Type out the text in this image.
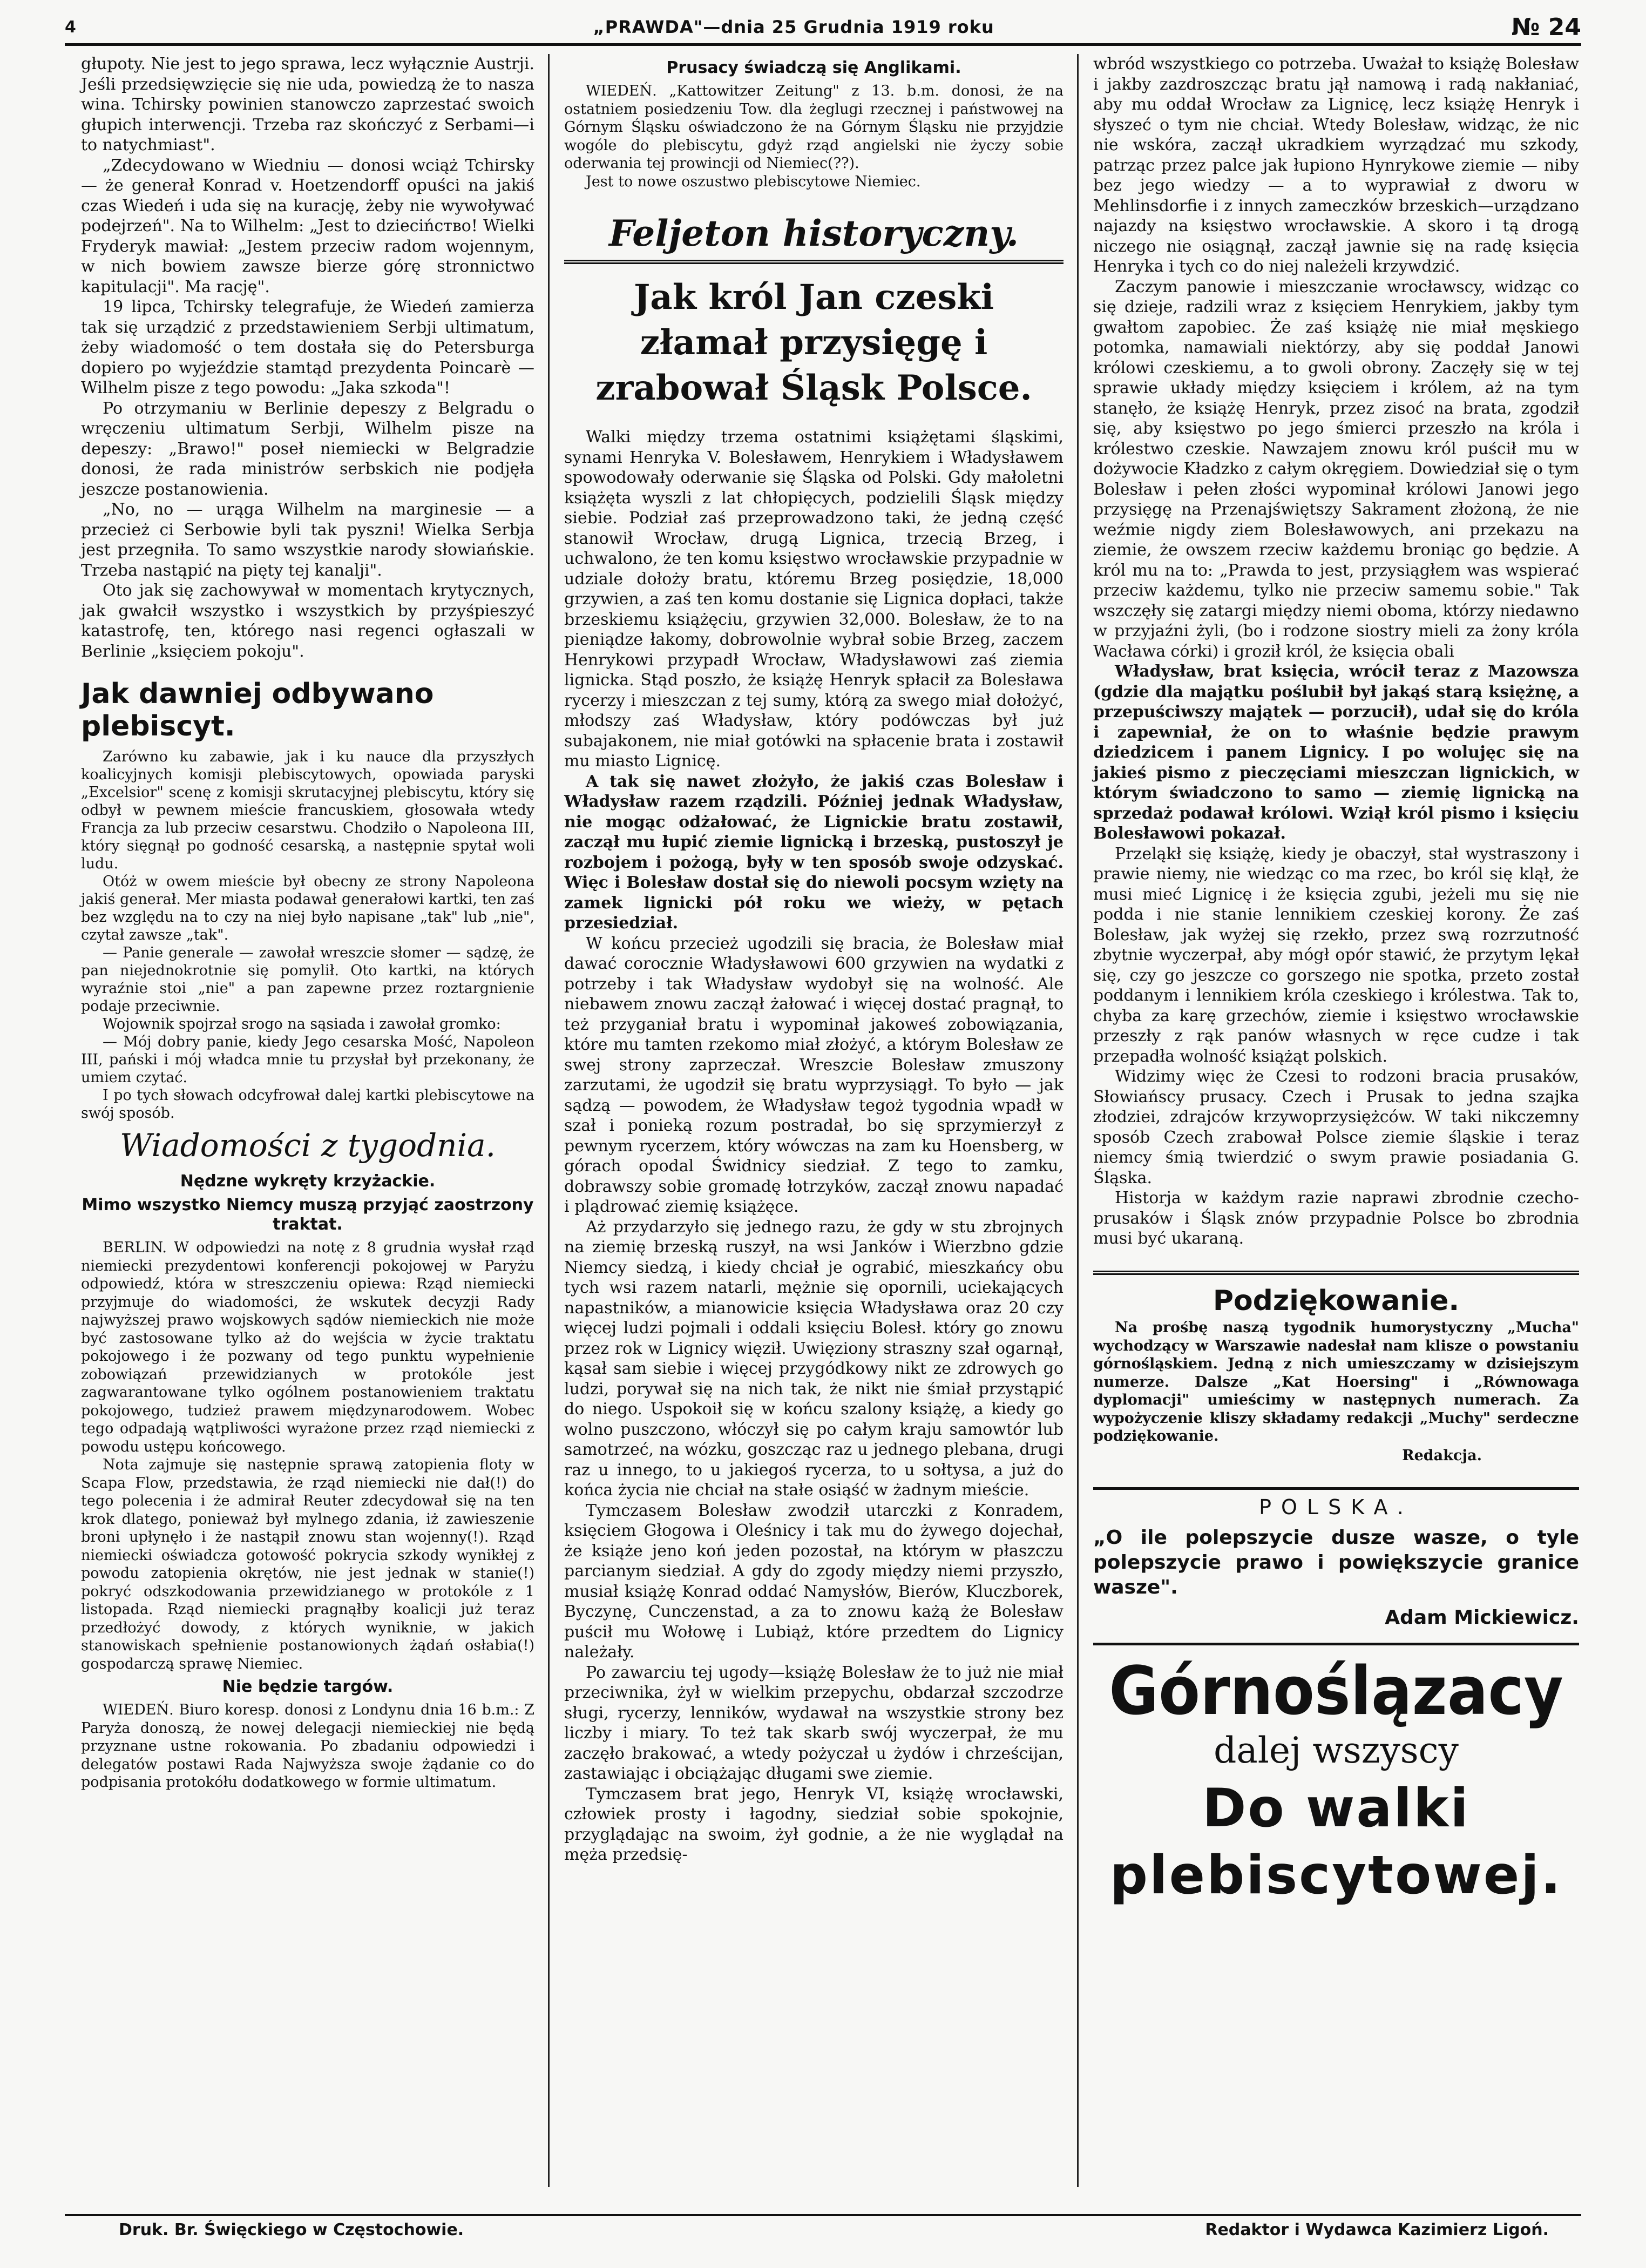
4	„PRAWDA"—dnia 25 Grudnia 1919 roku	№ 24

głupoty. Nie jest to jego sprawa, lecz wyłącznie Austrji. Jeśli przedsięwzięcie się nie uda, powiedzą że to nasza wina. Tchirsky powinien stanowczo zaprzestać swoich głupich interwencji. Trzeba raz skończyć z Serbami—i to natychmiast".

„Zdecydowano w Wiedniu — donosi wciąż Tchirsky — że generał Konrad v. Hoetzendorff opuści na jakiś czas Wiedeń i uda się na kurację, żeby nie wywoływać podejrzeń". Na to Wilhelm: „Jest to dziecińство! Wielki Fryderyk mawiał: „Jestem przeciw radom wojennym, w nich bowiem zawsze bierze górę stronnictwo kapitulacji". Ma rację".

19 lipca, Tchirsky telegrafuje, że Wiedeń zamierza tak się urządzić z przedstawieniem Serbji ultimatum, żeby wiadomość o tem dostała się do Petersburga dopiero po wyjeździe stamtąd prezydenta Poincarè — Wilhelm pisze z tego powodu: „Jaka szkoda"!

Po otrzymaniu w Berlinie depeszy z Belgradu o wręczeniu ultimatum Serbji, Wilhelm pisze na depeszy: „Brawo!" poseł niemiecki w Belgradzie donosi, że rada ministrów serbskich nie podjęła jeszcze postanowienia.

„No, no — urąga Wilhelm na marginesie — a przecież ci Serbowie byli tak pyszni! Wielka Serbja jest przegniła. To samo wszystkie narody słowiańskie. Trzeba nastąpić na pięty tej kanalji".

Oto jak się zachowywał w momentach krytycznych, jak gwałcił wszystko i wszystkich by przyśpieszyć katastrofę, ten, którego nasi regenci ogłaszali w Berlinie „księciem pokoju".

Jak dawniej odbywano plebiscyt.

Zarówno ku zabawie, jak i ku nauce dla przyszłych koalicyjnych komisji plebiscytowych, opowiada paryski „Excelsior" scenę z komisji skrutacyjnej plebiscytu, który się odbył w pewnem mieście francuskiem, głosowała wtedy Francja za lub przeciw cesarstwu. Chodziło o Napoleona III, który sięgnął po godność cesarską, a następnie spytał woli ludu.

Otóż w owem mieście był obecny ze strony Napoleona jakiś generał. Mer miasta podawał generałowi kartki, ten zaś bez względu na to czy na niej było napisane „tak" lub „nie", czytał zawsze „tak".

— Panie generale — zawołał wreszcie słomer — sądzę, że pan niejednokrotnie się pomylił. Oto kartki, na których wyraźnie stoi „nie" a pan zapewne przez roztargnienie podaje przeciwnie.

Wojownik spojrzał srogo na sąsiada i zawołał gromko:

— Mój dobry panie, kiedy Jego cesarska Mość, Napoleon III, pański i mój władca mnie tu przysłał był przekonany, że umiem czytać.

I po tych słowach odcyfrował dalej kartki plebiscytowe na swój sposób.

Wiadomości z tygodnia.
Nędzne wykręty krzyżackie.
Mimo wszystko Niemcy muszą przyjąć zaostrzony traktat.

BERLIN. W odpowiedzi na notę z 8 grudnia wysłał rząd niemiecki prezydentowi konferencji pokojowej w Paryżu odpowiedź, która w streszczeniu opiewa: Rząd niemiecki przyjmuje do wiadomości, że wskutek decyzji Rady najwyższej prawo wojskowych sądów niemieckich nie może być zastosowane tylko aż do wejścia w życie traktatu pokojowego i że pozwany od tego punktu wypełnienie zobowiązań przewidzianych w protokóle jest zagwarantowane tylko ogólnem postanowieniem traktatu pokojowego, tudzież prawem międzynarodowem. Wobec tego odpadają wątpliwości wyrażone przez rząd niemiecki z powodu ustępu końcowego.

Nota zajmuje się następnie sprawą zatopienia floty w Scapa Flow, przedstawia, że rząd niemiecki nie dał(!) do tego polecenia i że admirał Reuter zdecydował się na ten krok dlatego, ponieważ był mylnego zdania, iż zawieszenie broni upłynęło i że nastąpił znowu stan wojenny(!). Rząd niemiecki oświadcza gotowość pokrycia szkody wynikłej z powodu zatopienia okrętów, nie jest jednak w stanie(!) pokryć odszkodowania przewidzianego w protokóle z 1 listopada. Rząd niemiecki pragnąłby koalicji już teraz przedłożyć dowody, z których wyniknie, w jakich stanowiskach spełnienie postanowionych żądań osłabia(!) gospodarczą sprawę Niemiec.

Nie będzie targów.

WIEDEŃ. Biuro koresp. donosi z Londynu dnia 16 b.m.: Z Paryża donoszą, że nowej delegacji niemieckiej nie będą przyznane ustne rokowania. Po zbadaniu odpowiedzi i delegatów postawi Rada Najwyższa swoje żądanie co do podpisania protokółu dodatkowego w formie ultimatum.

Prusacy świadczą się Anglikami.

WIEDEŃ. „Kattowitzer Zeitung" z 13. b.m. donosi, że na ostatniem posiedzeniu Tow. dla żeglugi rzecznej i państwowej na Górnym Śląsku oświadczono że na Górnym Śląsku nie przyjdzie wogóle do plebiscytu, gdyż rząd angielski nie życzy sobie oderwania tej prowincji od Niemiec(??).

Jest to nowe oszustwo plebiscytowe Niemiec.

Feljeton historyczny.
Jak król Jan czeski złamał przysięgę i zrabował Śląsk Polsce.

Walki między trzema ostatnimi książętami śląskimi, synami Henryka V. Bolesławem, Henrykiem i Władysławem spowodowały oderwanie się Śląska od Polski. Gdy małoletni książęta wyszli z lat chłopięcych, podzielili Śląsk między siebie. Podział zaś przeprowadzono taki, że jedną część stanowił Wrocław, drugą Lignica, trzecią Brzeg, i uchwalono, że ten komu księstwo wrocławskie przypadnie w udziale dołoży bratu, któremu Brzeg posiędzie, 18,000 grzywien, a zaś ten komu dostanie się Lignica dopłaci, także brzeskiemu książęciu, grzywien 32,000. Bolesław, że to na pieniądze łakomy, dobrowolnie wybrał sobie Brzeg, zaczem Henrykowi przypadł Wrocław, Władysławowi zaś ziemia lignicka. Stąd poszło, że książę Henryk spłacił za Bolesława rycerzy i mieszczan z tej sumy, którą za swego miał dołożyć, młodszy zaś Władysław, który podówczas był już subajakonem, nie miał gotówki na spłacenie brata i zostawił mu miasto Lignicę.

A tak się nawet złożyło, że jakiś czas Bolesław i Władysław razem rządzili. Później jednak Władysław, nie mogąc odżałować, że Lignickie bratu zostawił, zaczął mu łupić ziemie lignicką i brzeską, pustoszył je rozbojem i pożogą, były w ten sposób swoje odzyskać. Więc i Bolesław dostał się do niewoli pocsym wzięty na zamek lignicki pół roku we wieży, w pętach przesiedział.

W końcu przecież ugodzili się bracia, że Bolesław miał dawać corocznie Władysławowi 600 grzywien na wydatki z potrzeby i tak Władysław wydobył się na wolność. Ale niebawem znowu zaczął żałować i więcej dostać pragnął, to też przyganiał bratu i wypominał jakoweś zobowiązania, które mu tamten rzekomo miał złożyć, a którym Bolesław ze swej strony zaprzeczał. Wreszcie Bolesław zmuszony zarzutami, że ugodził się bratu wyprzysiągł. To było — jak sądzą — powodem, że Władysław tegoż tygodnia wpadł w szał i ponieką rozum postradał, bo się sprzymierzył z pewnym rycerzem, który wówczas na zam ku Hoensberg, w górach opodal Świdnicy siedział. Z tego to zamku, dobrawszy sobie gromadę łotrzyków, zaczął znowu napadać i plądrować ziemię książęce.

Aż przydarzyło się jednego razu, że gdy w stu zbrojnych na ziemię brzeską ruszył, na wsi Janków i Wierzbno gdzie Niemcy siedzą, i kiedy chciał je ograbić, mieszkańcy obu tych wsi razem natarli, mężnie się opornili, uciekających napastników, a mianowicie księcia Władysława oraz 20 czy więcej ludzi pojmali i oddali księciu Bolesł. który go znowu przez rok w Lignicy więził. Uwięziony straszny szał ogarnął, kąsał sam siebie i więcej przygódkowy nikt ze zdrowych go ludzi, porywał się na nich tak, że nikt nie śmiał przystąpić do niego. Uspokoił się w końcu szalony książę, a kiedy go wolno puszczono, włóczył się po całym kraju samowtór lub samotrzeć, na wózku, goszcząc raz u jednego plebana, drugi raz u innego, to u jakiegoś rycerza, to u sołtysa, a już do końca życia nie chciał na stałe osiąść w żadnym mieście.

Tymczasem Bolesław zwodził utarczki z Konradem, księciem Głogowa i Oleśnicy i tak mu do żywego dojechał, że książe jeno koń jeden pozostał, na którym w płaszczu parcianym siedział. A gdy do zgody między niemi przyszło, musiał książę Konrad oddać Namysłów, Bierów, Kluczborek, Byczynę, Cunczenstad, a za to znowu każą że Bolesław puścił mu Wołowę i Lubiąż, które przedtem do Lignicy należały.

Po zawarciu tej ugody—książę Bolesław że to już nie miał przeciwnika, żył w wielkim przepychu, obdarzał szczodrze sługi, rycerzy, lenników, wydawał na wszystkie strony bez liczby i miary. To też tak skarb swój wyczerpał, że mu zaczęło brakować, a wtedy pożyczał u żydów i chrześcijan, zastawiając i obciążając długami swe ziemie.

Tymczasem brat jego, Henryk VI, książę wrocławski, człowiek prosty i łagodny, siedział sobie spokojnie, przyglądając na swoim, żył godnie, a że nie wyglądał na męża przedsię-

wbród wszystkiego co potrzeba. Uważał to książę Bolesław i jakby zazdroszcząc bratu jął namową i radą nakłaniać, aby mu oddał Wrocław za Lignicę, lecz książę Henryk i słyszeć o tym nie chciał. Wtedy Bolesław, widząc, że nic nie wskóra, zaczął ukradkiem wyrządzać mu szkody, patrząc przez palce jak łupiono Hynrykowe ziemie — niby bez jego wiedzy — a to wyprawiał z dworu w Mehlinsdorfie i z innych zameczków brzeskich—urządzano najazdy na księstwo wrocławskie. A skoro i tą drogą niczego nie osiągnął, zaczął jawnie się na radę księcia Henryka i tych co do niej należeli krzywdzić.

Zaczym panowie i mieszczanie wrocławscy, widząc co się dzieje, radzili wraz z księciem Henrykiem, jakby tym gwałtom zapobiec. Że zaś książę nie miał męskiego potomka, namawiali niektórzy, aby się poddał Janowi królowi czeskiemu, a to gwoli obrony. Zaczęły się w tej sprawie układy między księciem i królem, aż na tym stanęło, że książę Henryk, przez zisoć na brata, zgodził się, aby księstwo po jego śmierci przeszło na króla i królestwo czeskie. Nawzajem znowu król puścił mu w dożywocie Kładzko z całym okręgiem. Dowiedział się o tym Bolesław i pełen złości wypominał królowi Janowi jego przysięgę na Przenajświętszy Sakrament złożoną, że nie weźmie nigdy ziem Bolesławowych, ani przekazu na ziemie, że owszem rzeciw każdemu broniąc go będzie. A król mu na to: „Prawda to jest, przysiągłem was wspierać przeciw każdemu, tylko nie przeciw samemu sobie." Tak wszczęły się zatargi między niemi oboma, którzy niedawno w przyjaźni żyli, (bo i rodzone siostry mieli za żony króla Wacława córki) i groził król, że księcia obali

Władysław, brat księcia, wrócił teraz z Mazowsza (gdzie dla majątku poślubił był jakąś starą księżnę, a przepuściwszy majątek — porzucił), udał się do króla i zapewniał, że on to właśnie będzie prawym dziedzicem i panem Lignicy. I po wolujęc się na jakieś pismo z pieczęciami mieszczan lignickich, w którym świadczono to samo — ziemię lignicką na sprzedaż podawał królowi. Wziął król pismo i księciu Bolesławowi pokazał.

Przeląkł się książę, kiedy je obaczył, stał wystraszony i prawie niemy, nie wiedząc co ma rzec, bo król się klął, że musi mieć Lignicę i że księcia zgubi, jeżeli mu się nie podda i nie stanie lennikiem czeskiej korony. Że zaś Bolesław, jak wyżej się rzekło, przez swą rozrzutność zbytnie wyczerpał, aby mógł opór stawić, że przytym lękał się, czy go jeszcze co gorszego nie spotka, przeto został poddanym i lennikiem króla czeskiego i królestwa. Tak to, chyba za karę grzechów, ziemie i księstwo wrocławskie przeszły z rąk panów własnych w ręce cudze i tak przepadła wolność książąt polskich.

Widzimy więc że Czesi to rodzoni bracia prusaków, Słowiańscy prusacy. Czech i Prusak to jedna szajka złodziei, zdrajców krzywoprzysiężców. W taki nikczemny sposób Czech zrabował Polsce ziemie śląskie i teraz niemcy śmią twierdzić o swym prawie posiadania G. Śląska.

Historja w każdym razie naprawi zbrodnie czecho-prusaków i Śląsk znów przypadnie Polsce bo zbrodnia musi być ukaraną.

Podziękowanie.

Na prośbę naszą tygodnik humorystyczny „Mucha" wychodzący w Warszawie nadesłał nam klisze o powstaniu górnośląskiem. Jedną z nich umieszczamy w dzisiejszym numerze. Dalsze „Kat Hoersing" i „Równowaga dyplomacji" umieścimy w następnych numerach. Za wypożyczenie kliszy składamy redakcji „Muchy" serdeczne podziękowanie.

Redakcja.

POLSKA.

„O ile polepszycie dusze wasze, o tyle polepszycie prawo i powiększycie granice wasze".

Adam Mickiewicz.

Górnoślązacy
dalej wszyscy
Do walki plebiscytowej.
Druk. Br. Święckiego w Częstochowie.	Redaktor i Wydawca Kazimierz Ligoń.
